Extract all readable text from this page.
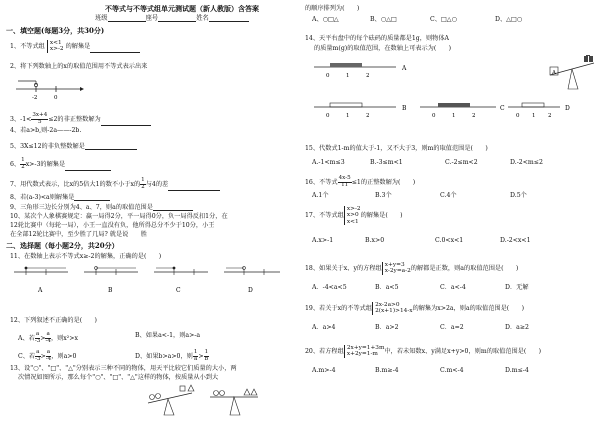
不等式与不等式组单元测试题（新人教版）含答案
班级	座号	姓名
一、填空题(每题3分，共30分)
1、不等式组 x<1
x>-2 的解集是
2、将下列数轴上的x的取值范围用不等式表示出来
-2	0
3、$-1< \frac{3x+4}{5} \le 2$的非正整数解为
4、若a>b,则-2a——-2b.
5、3X≤12的非负整数解是
6、 $\frac{1}{2} x>-3$的解集是
7、用代数式表示，比x的5倍大1的数不小于x的 $\frac{1}{2}$ 与4的差
8、若(a-3)<a则解集是
9、三角形三边长分别为4、a、7，则a的取值范围是
10、某次个人象棋赛规定：赢一局得2分，平一局得0分，负一局得反扣1分，在
12轮比赛中（每轮一局），小王一直没有负，他所得总分不少于10分，小王
在全部12轮比赛中，至少胜了几局? 就是说　　胜
二、选择题（每小题2分，共20分）
11、在数轴上表示不等式x≥-2的解集，正确的是(　　)
A	B	C	D
12、下列叙述不正确的是(　　)
A、若 $\frac{a}{-3} > \frac{a}{-4}$ ，则x²>x	B、如果a<-1，则a>-a
C、若 $\frac{a}{-3} > \frac{a}{-4}$ ，则a>0	D、如果b>a>0，则 $\frac{1}{a} > \frac{1}{b}$
13、设"○"、"□"、"△"分别表示三种不同的物体，用天平比较它们质量的大小，两
次情况如图所示，那么每个"○"、"□"、"△"这样的物体，按质量从小到大
的顺序排列为(　　)
A、○□△	B、○△□	C、□△○	D、△□○
14、天平右盘中的每个砝码的质量都是1g，则物体A
的质量m(g)的取值范围，在数轴上可表示为(　　)
0	1	2
A
0	1	2
B
0	1	2
C
0 1 2
D
A
15、代数式1-m的值大于-1，又不大于3，则m的取值范围是(　　)
A.-1<m≤3	B.-3≤m<1	C.-2≤m<2	D.-2<m≤2
16、不等式 $\frac{4x-5}{11} \le 1$的正整数解为(　　)
A.1个	B.3个	C.4个	D.5个
17、不等式组x>-2
x>0
x<1的解集是(　　)
A.x>-1	B.x>0	C.0<x<1	D.-2<x<1
18、如果关于x、y的方程组 x+y=3
x-2y=a-2的解都是正数，则a的取值范围是(　　)
A．-4<a<5	B．a<5	C．a<-4	D．无解
19、若关于x的不等式组 2x-2a>0
2(x+1)>14-x的解集为x>2a，则a的取值范围是(　　)
A．a>4	B．a>2	C．a=2	D．a≥2
20、若方程组 2x+y=1+3m
x+2y=1-m 中，若未知数x、y满足x+y>0，则m的取值范围是(　　)
A.m>-4	B.m≥-4	C.m<-4	D.m≤-4
